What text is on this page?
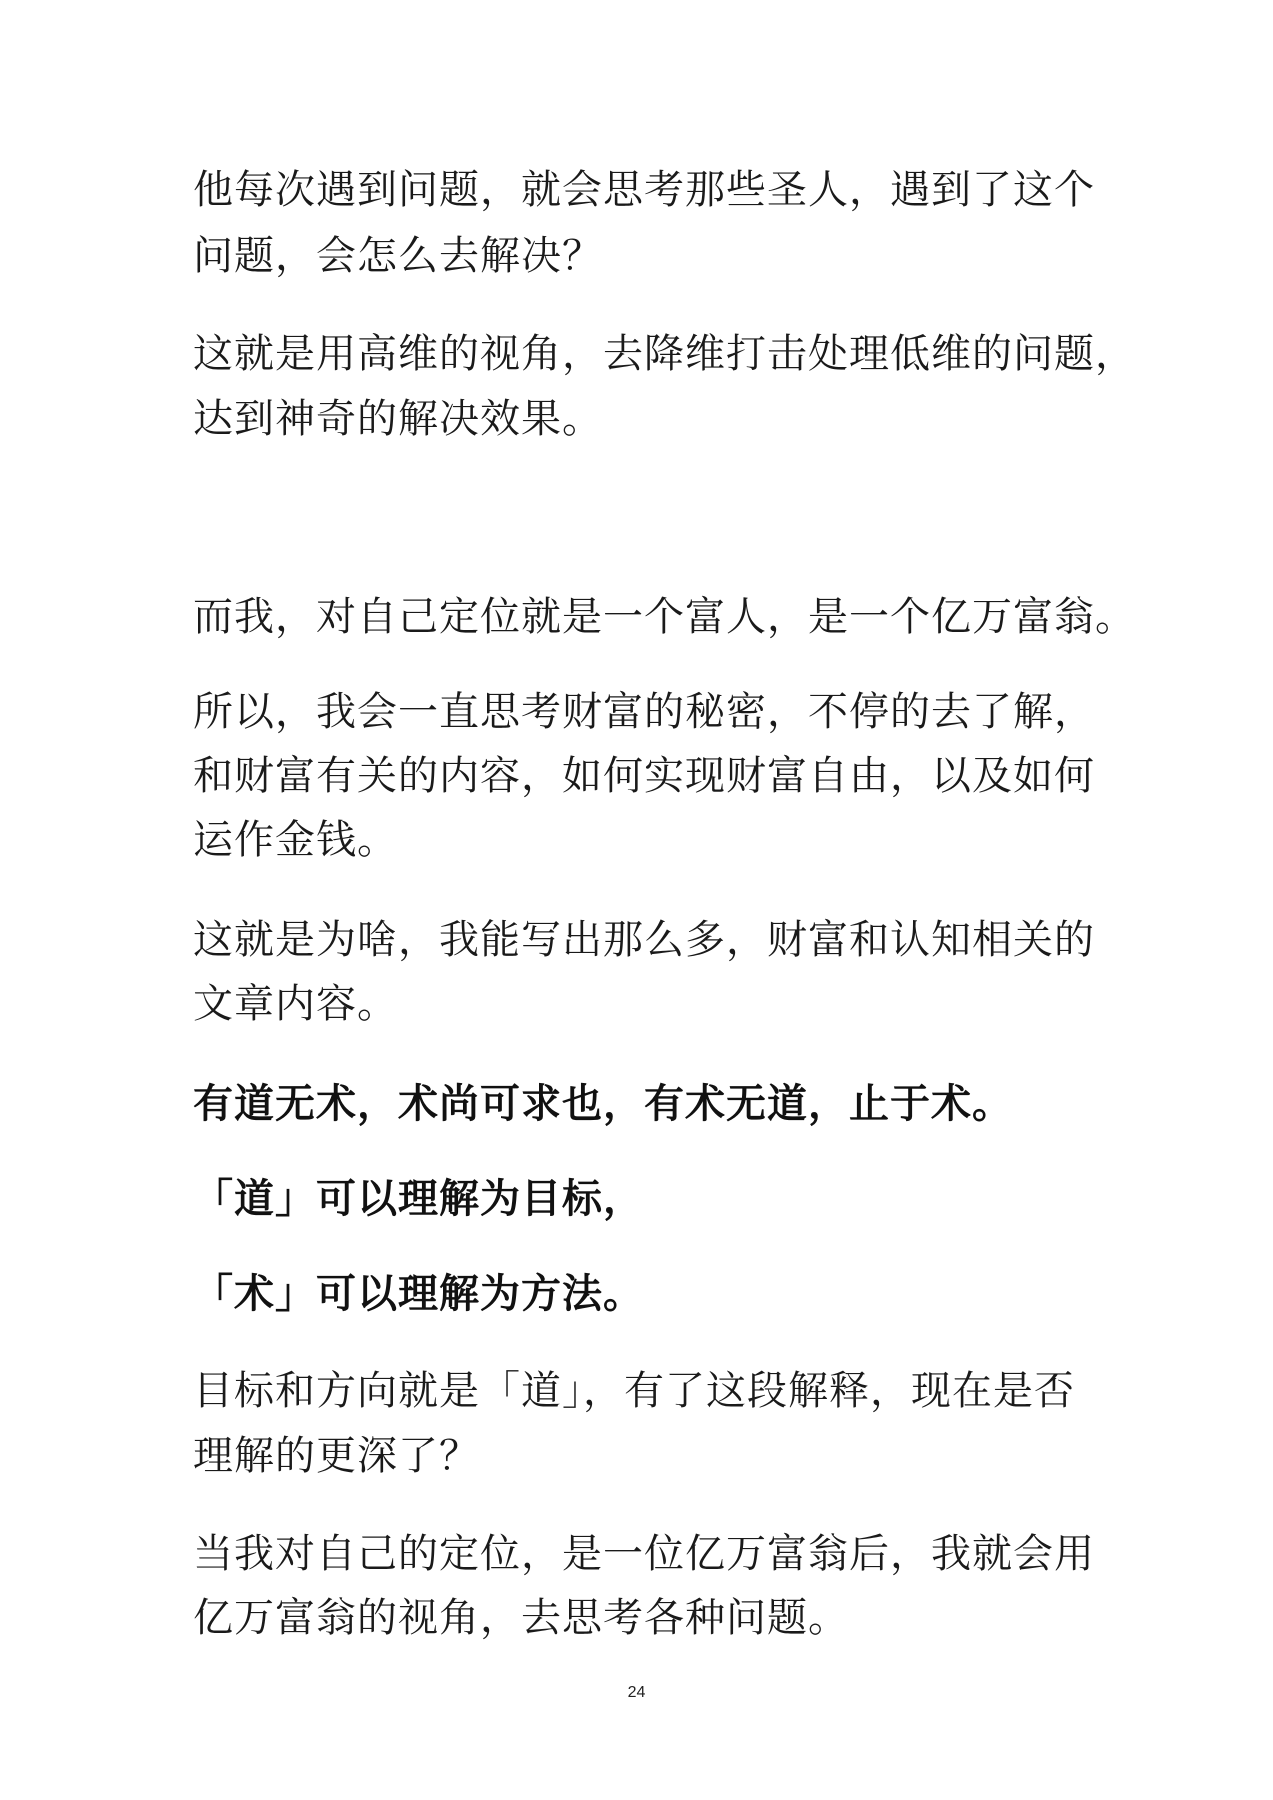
他每次遇到问题，就会思考那些圣人，遇到了这个
问题，会怎么去解决？
这就是用高维的视角，去降维打击处理低维的问题，
达到神奇的解决效果。
而我，对自己定位就是一个富人，是一个亿万富翁。
所以，我会一直思考财富的秘密，不停的去了解，
和财富有关的内容，如何实现财富自由，以及如何
运作金钱。
这就是为啥，我能写出那么多，财富和认知相关的
文章内容。
有道无术，术尚可求也，有术无道，止于术。
「道」可以理解为目标，
「术」可以理解为方法。
目标和方向就是「道」，有了这段解释，现在是否
理解的更深了？
当我对自己的定位，是一位亿万富翁后，我就会用
亿万富翁的视角，去思考各种问题。
24
